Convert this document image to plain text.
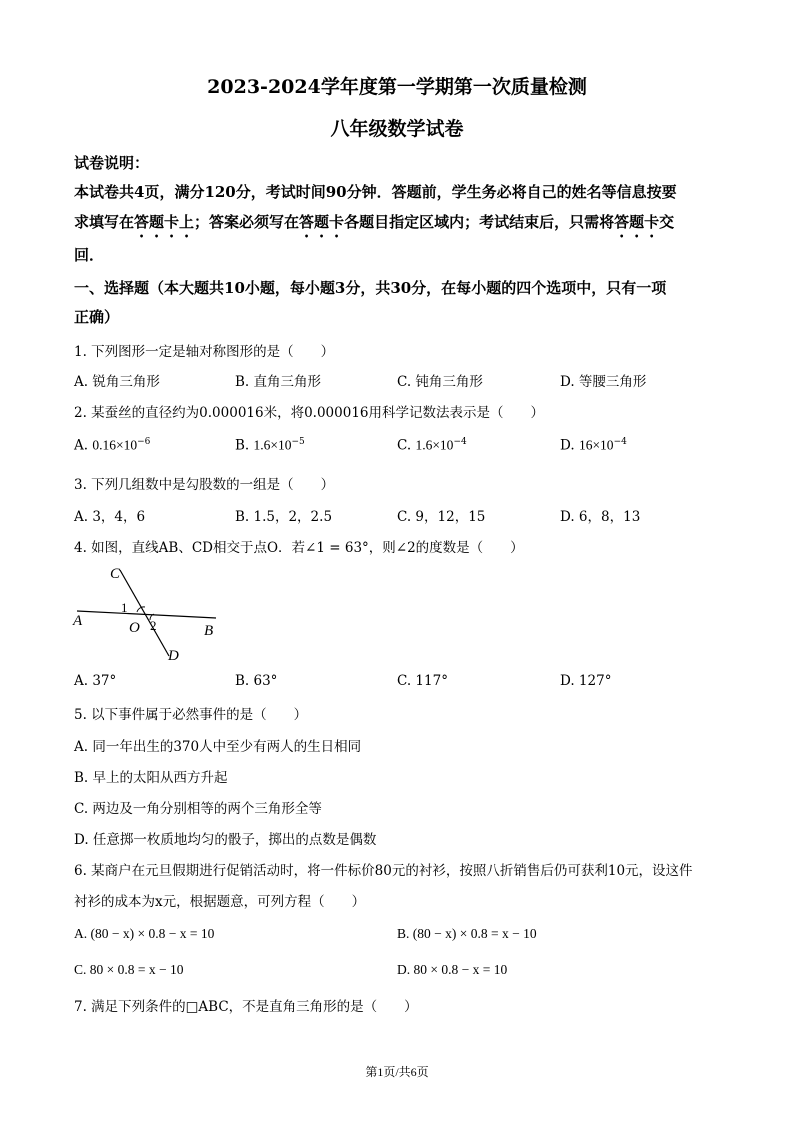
2023-2024学年度第一学期第一次质量检测
八年级数学试卷
试卷说明：
本试卷共4页，满分120分，考试时间90分钟．答题前，学生务必将自己的姓名等信息按要
求填写在答题卡上；答案必须写在答题卡各题目指定区域内；考试结束后，只需将答题卡交
回．
一、选择题（本大题共10小题，每小题3分，共30分，在每小题的四个选项中，只有一项
正确）
1. 下列图形一定是轴对称图形的是（　　）
A. 锐角三角形	B. 直角三角形	C. 钝角三角形	D. 等腰三角形
2. 某蚕丝的直径约为0.000016米，将0.000016用科学记数法表示是（　　）
A. $0.16\times 10^{-6}$	B. $1.6\times 10^{-5}$	C. $1.6\times 10^{-4}$	D. $16\times 10^{-4}$
3. 下列几组数中是勾股数的一组是（　　）
A. 3，4，6	B. 1.5，2，2.5	C. 9，12，15	D. 6，8，13
4. 如图，直线AB、CD相交于点O．若∠1 = 63°，则∠2的度数是（　　）
C
D
A
B
O
1
2
A. 37°	B. 63°	C. 117°	D. 127°
5. 以下事件属于必然事件的是（　　）
A. 同一年出生的370人中至少有两人的生日相同
B. 早上的太阳从西方升起
C. 两边及一角分别相等的两个三角形全等
D. 任意掷一枚质地均匀的骰子，掷出的点数是偶数
6. 某商户在元旦假期进行促销活动时，将一件标价80元的衬衫，按照八折销售后仍可获利10元，设这件
衬衫的成本为x元，根据题意，可列方程（　　）
A. (80 − x) × 0.8 − x = 10	B. (80 − x) × 0.8 = x − 10
C. 80 × 0.8 = x − 10	D. 80 × 0.8 − x = 10
7. 满足下列条件的□ABC，不是直角三角形的是（　　）
第1页/共6页
